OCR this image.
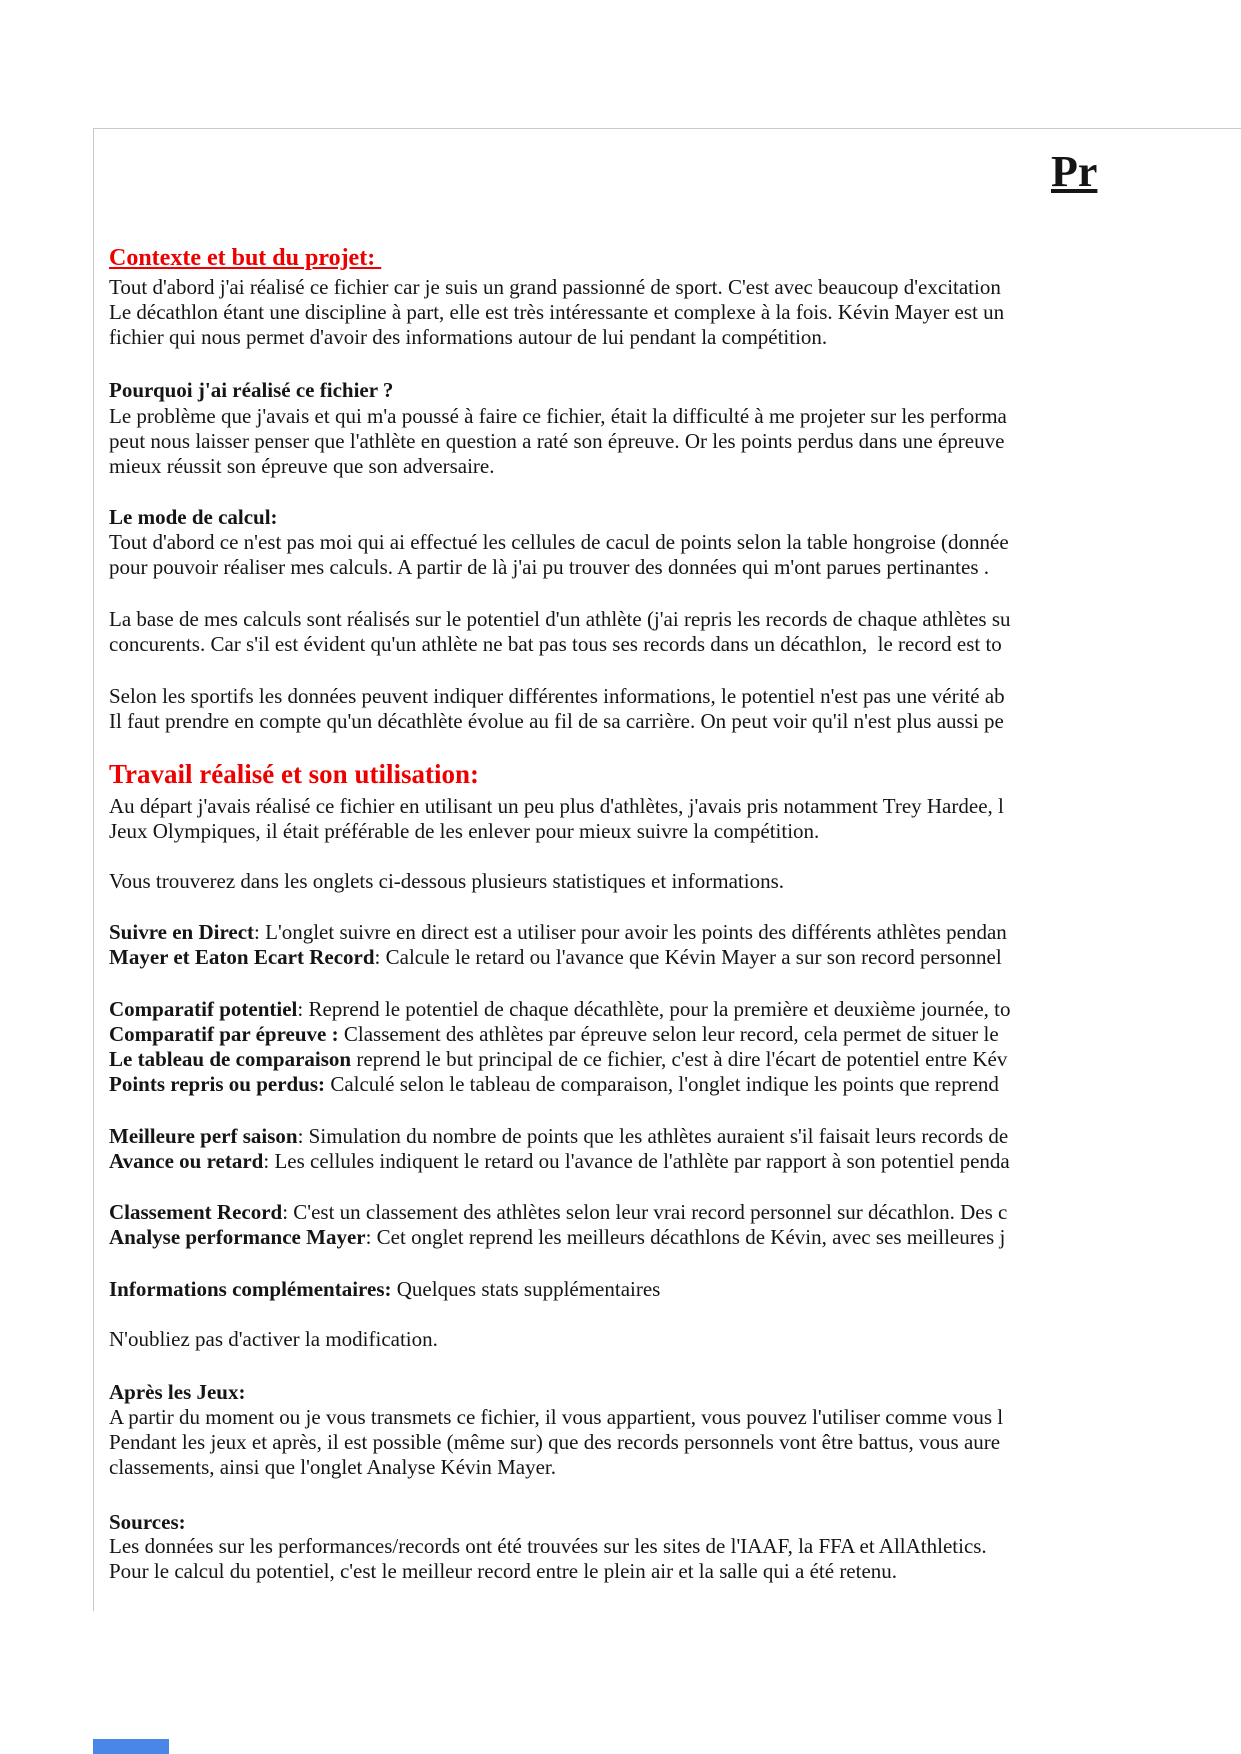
Pr
Contexte et but du projet:
Tout d'abord j'ai réalisé ce fichier car je suis un grand passionné de sport. C'est avec beaucoup d'excitation
Le décathlon étant une discipline à part, elle est très intéressante et complexe à la fois. Kévin Mayer est un
fichier qui nous permet d'avoir des informations autour de lui pendant la compétition.
Pourquoi j'ai réalisé ce fichier ?
Le problème que j'avais et qui m'a poussé à faire ce fichier, était la difficulté à me projeter sur les performa
peut nous laisser penser que l'athlète en question a raté son épreuve. Or les points perdus dans une épreuve
mieux réussit son épreuve que son adversaire.
Le mode de calcul:
Tout d'abord ce n'est pas moi qui ai effectué les cellules de cacul de points selon la table hongroise (donnée
pour pouvoir réaliser mes calculs. A partir de là j'ai pu trouver des données qui m'ont parues pertinantes .
La base de mes calculs sont réalisés sur le potentiel d'un athlète (j'ai repris les records de chaque athlètes su
concurents. Car s'il est évident qu'un athlète ne bat pas tous ses records dans un décathlon,  le record est to
Selon les sportifs les données peuvent indiquer différentes informations, le potentiel n'est pas une vérité ab
Il faut prendre en compte qu'un décathlète évolue au fil de sa carrière. On peut voir qu'il n'est plus aussi pe
Travail réalisé et son utilisation:
Au départ j'avais réalisé ce fichier en utilisant un peu plus d'athlètes, j'avais pris notamment Trey Hardee, l
Jeux Olympiques, il était préférable de les enlever pour mieux suivre la compétition.
Vous trouverez dans les onglets ci-dessous plusieurs statistiques et informations.
Suivre en Direct: L'onglet suivre en direct est a utiliser pour avoir les points des différents athlètes pendan
Mayer et Eaton Ecart Record: Calcule le retard ou l'avance que Kévin Mayer a sur son record personnel
Comparatif potentiel: Reprend le potentiel de chaque décathlète, pour la première et deuxième journée, to
Comparatif par épreuve : Classement des athlètes par épreuve selon leur record, cela permet de situer le
Le tableau de comparaison reprend le but principal de ce fichier, c'est à dire l'écart de potentiel entre Kév
Points repris ou perdus: Calculé selon le tableau de comparaison, l'onglet indique les points que reprend
Meilleure perf saison: Simulation du nombre de points que les athlètes auraient s'il faisait leurs records de
Avance ou retard: Les cellules indiquent le retard ou l'avance de l'athlète par rapport à son potentiel penda
Classement Record: C'est un classement des athlètes selon leur vrai record personnel sur décathlon. Des c
Analyse performance Mayer: Cet onglet reprend les meilleurs décathlons de Kévin, avec ses meilleures j
Informations complémentaires: Quelques stats supplémentaires
N'oubliez pas d'activer la modification.
Après les Jeux:
A partir du moment ou je vous transmets ce fichier, il vous appartient, vous pouvez l'utiliser comme vous l
Pendant les jeux et après, il est possible (même sur) que des records personnels vont être battus, vous aure
classements, ainsi que l'onglet Analyse Kévin Mayer.
Sources:
Les données sur les performances/records ont été trouvées sur les sites de l'IAAF, la FFA et AllAthletics.
Pour le calcul du potentiel, c'est le meilleur record entre le plein air et la salle qui a été retenu.
